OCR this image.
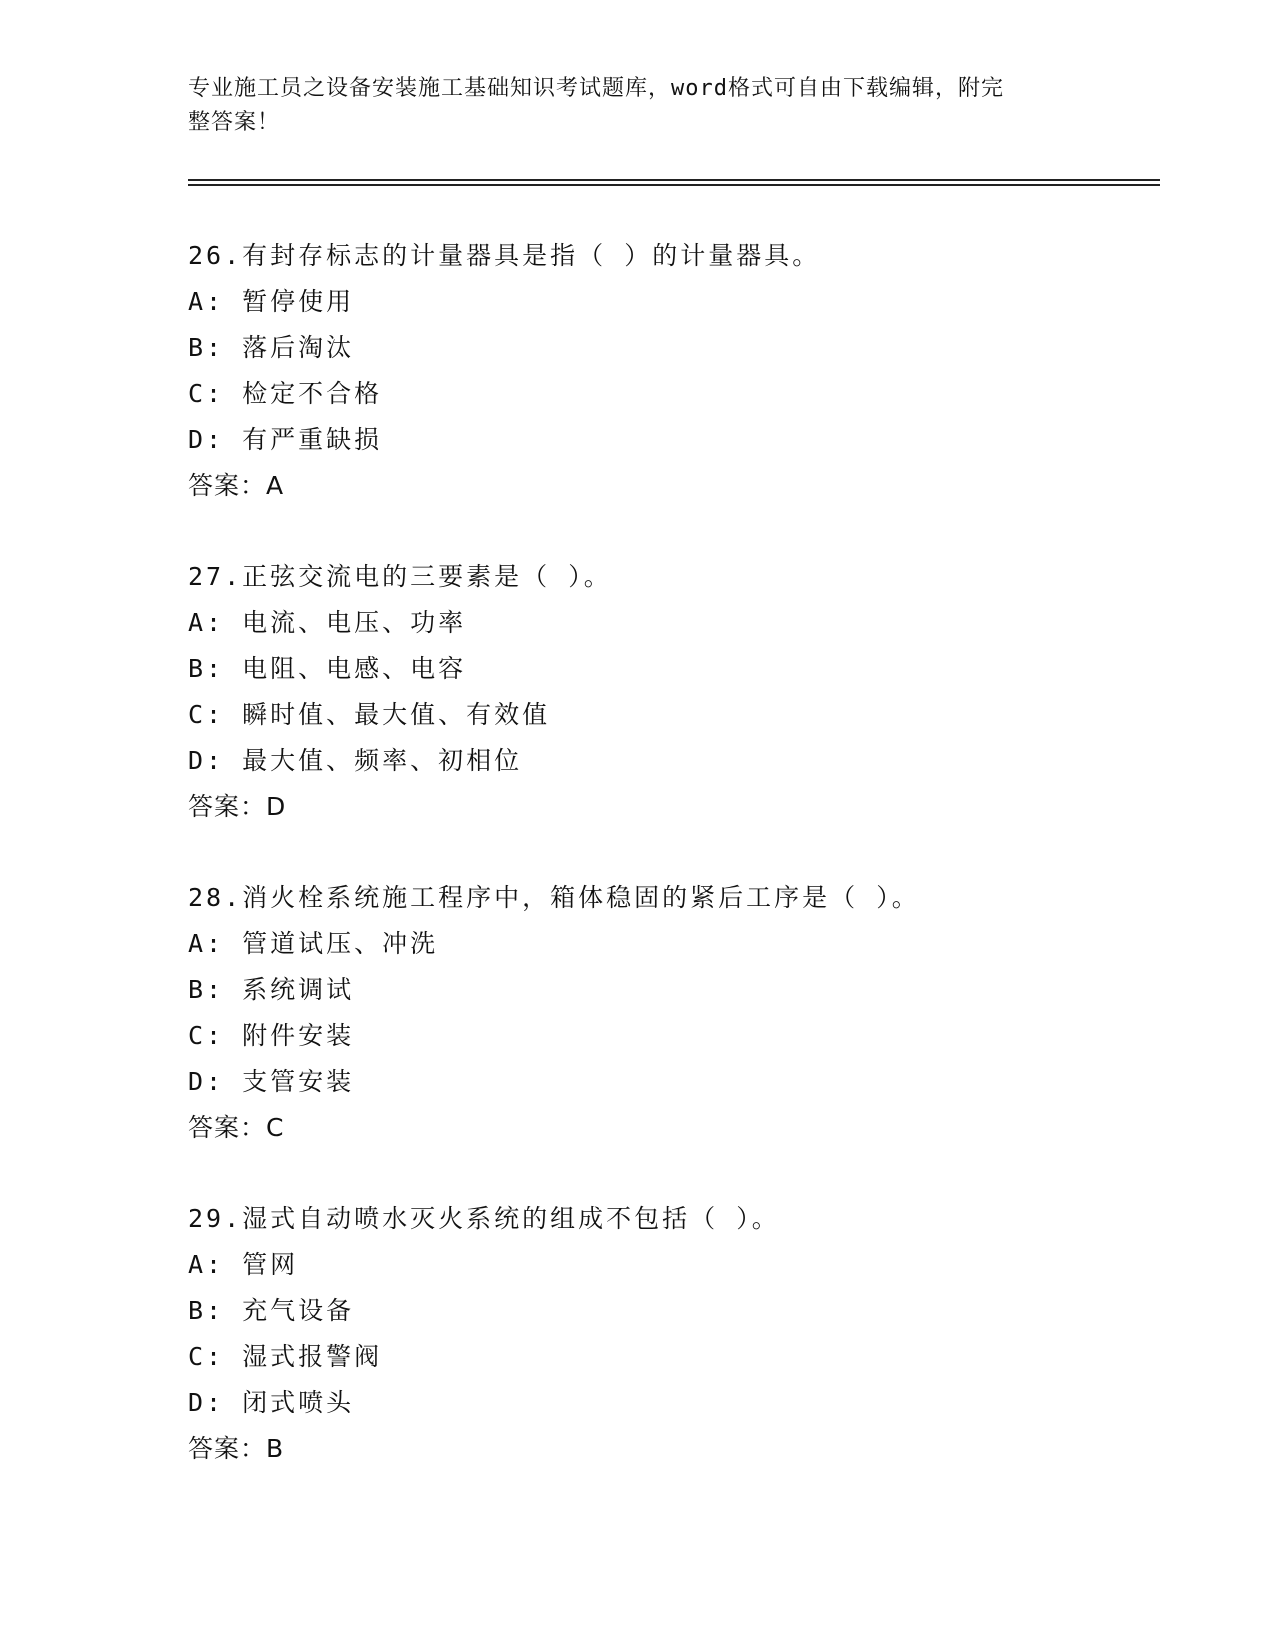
专业施工员之设备安装施工基础知识考试题库，word格式可自由下载编辑，附完
整答案！

26.有封存标志的计量器具是指（ ）的计量器具。

A: 暂停使用

B: 落后淘汰

C: 检定不合格

D: 有严重缺损

答案：A

27.正弦交流电的三要素是（ ）。

A: 电流、电压、功率

B: 电阻、电感、电容

C: 瞬时值、最大值、有效值

D: 最大值、频率、初相位

答案：D

28.消火栓系统施工程序中，箱体稳固的紧后工序是（ ）。

A: 管道试压、冲洗

B: 系统调试

C: 附件安装

D: 支管安装

答案：C

29.湿式自动喷水灭火系统的组成不包括（ ）。

A: 管网

B: 充气设备

C: 湿式报警阀

D: 闭式喷头

答案：B
